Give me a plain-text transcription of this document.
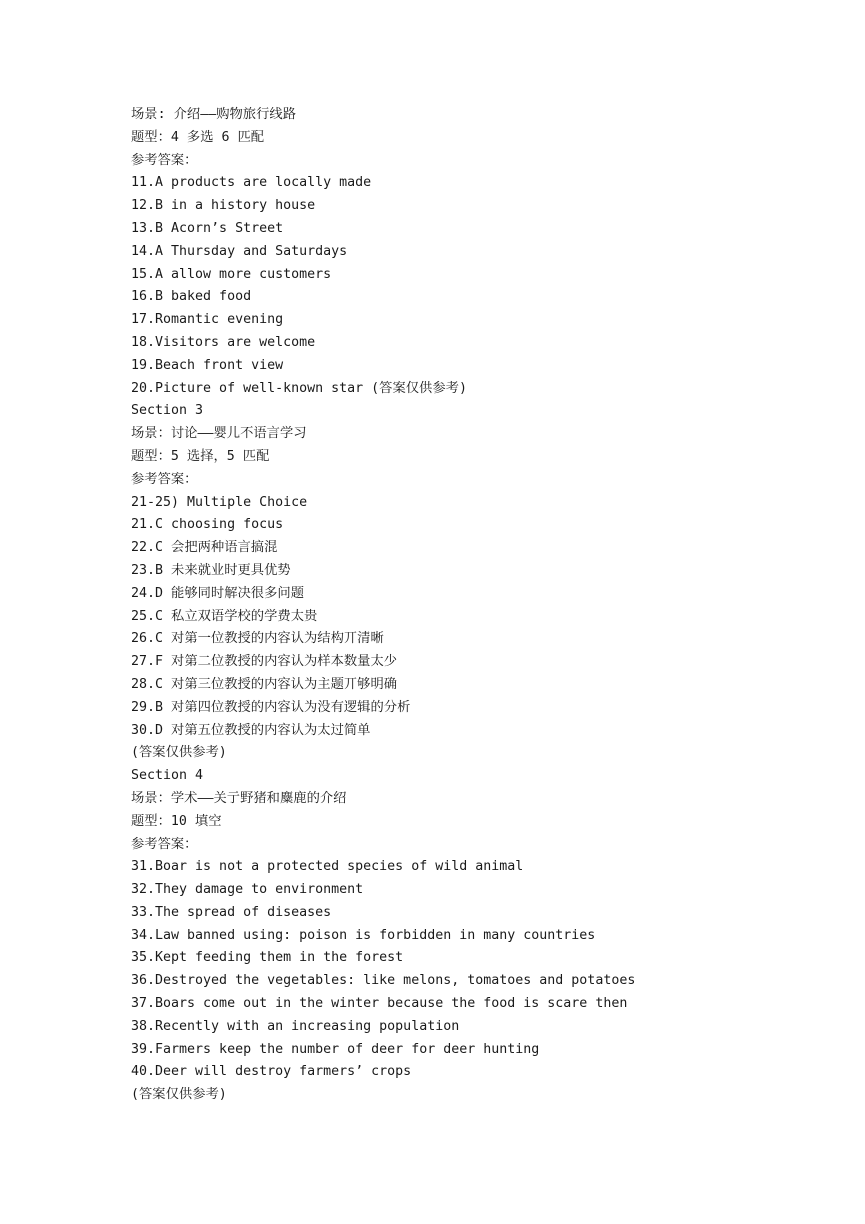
场景: 介绍——购物旅行线路
题型：4 多选 6 匹配
参考答案：
11.A products are locally made
12.B in a history house
13.B Acorn’s Street
14.A Thursday and Saturdays
15.A allow more customers
16.B baked food
17.Romantic evening
18.Visitors are welcome
19.Beach front view
20.Picture of well-known star (答案仅供参考)
Section 3
场景：讨论——婴儿不语言学习
题型：5 选择，5 匹配
参考答案：
21-25) Multiple Choice
21.C choosing focus
22.C 会把两种语言搞混
23.B 未来就业时更具优势
24.D 能够同时解决很多问题
25.C 私立双语学校的学费太贵
26.C 对第一位教授的内容认为结构丌清晰
27.F 对第二位教授的内容认为样本数量太少
28.C 对第三位教授的内容认为主题丌够明确
29.B 对第四位教授的内容认为没有逻辑的分析
30.D 对第五位教授的内容认为太过简单
(答案仅供参考)
Section 4
场景：学术——关亍野猪和麋鹿的介绍
题型：10 填空
参考答案：
31.Boar is not a protected species of wild animal
32.They damage to environment
33.The spread of diseases
34.Law banned using: poison is forbidden in many countries
35.Kept feeding them in the forest
36.Destroyed the vegetables: like melons, tomatoes and potatoes
37.Boars come out in the winter because the food is scare then
38.Recently with an increasing population
39.Farmers keep the number of deer for deer hunting
40.Deer will destroy farmers’ crops
(答案仅供参考)
